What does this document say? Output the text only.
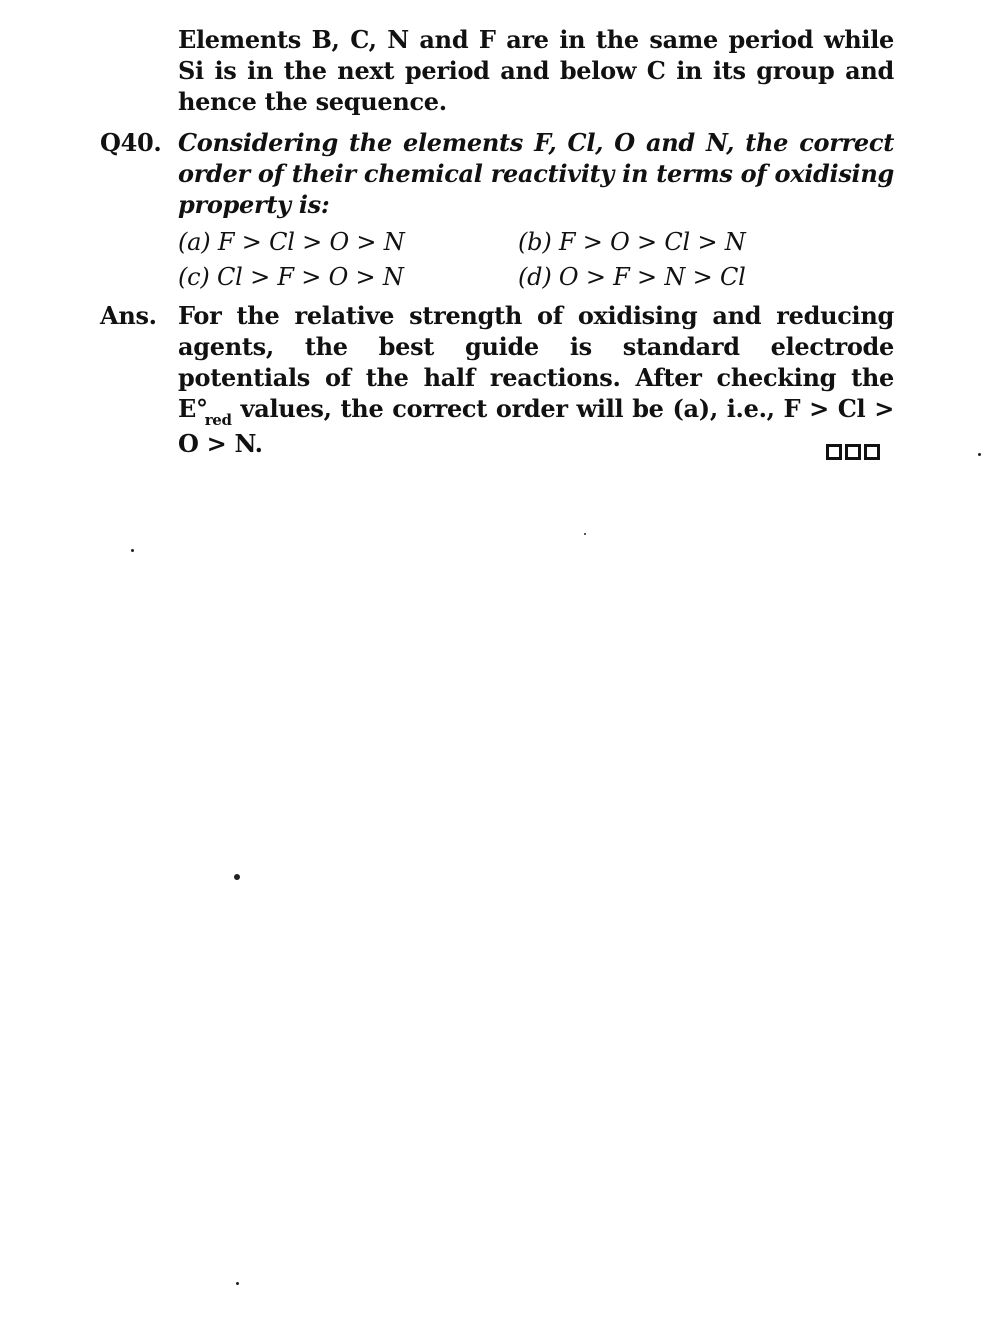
Elements B, C, N and F are in the same period while Si is in the next period and below C in its group and hence the sequence.
Q40. Considering the elements F, Cl, O and N, the correct order of their chemical reactivity in terms of oxidising property is:
(a) F > Cl > O > N	(b) F > O > Cl > N
(c) Cl > F > O > N	(d) O > F > N > Cl
Ans. For the relative strength of oxidising and reducing agents, the best guide is standard electrode potentials of the half reactions. After checking the $E^\circ_{red}$ values, the correct order will be (a), i.e., F > Cl > O > N.
